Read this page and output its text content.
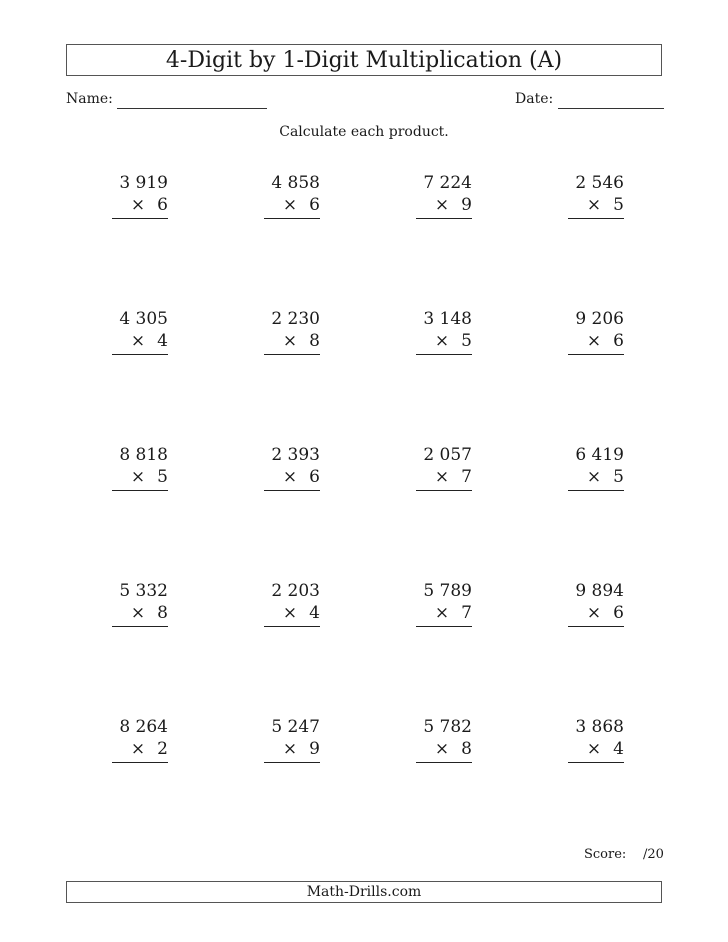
4-Digit by 1-Digit Multiplication (A)
Name:	Date:
Calculate each product.
3 919
× 6
4 858
× 6
7 224
× 9
2 546
× 5
4 305
× 4
2 230
× 8
3 148
× 5
9 206
× 6
8 818
× 5
2 393
× 6
2 057
× 7
6 419
× 5
5 332
× 8
2 203
× 4
5 789
× 7
9 894
× 6
8 264
× 2
5 247
× 9
5 782
× 8
3 868
× 4
Score: /20
Math-Drills.com
